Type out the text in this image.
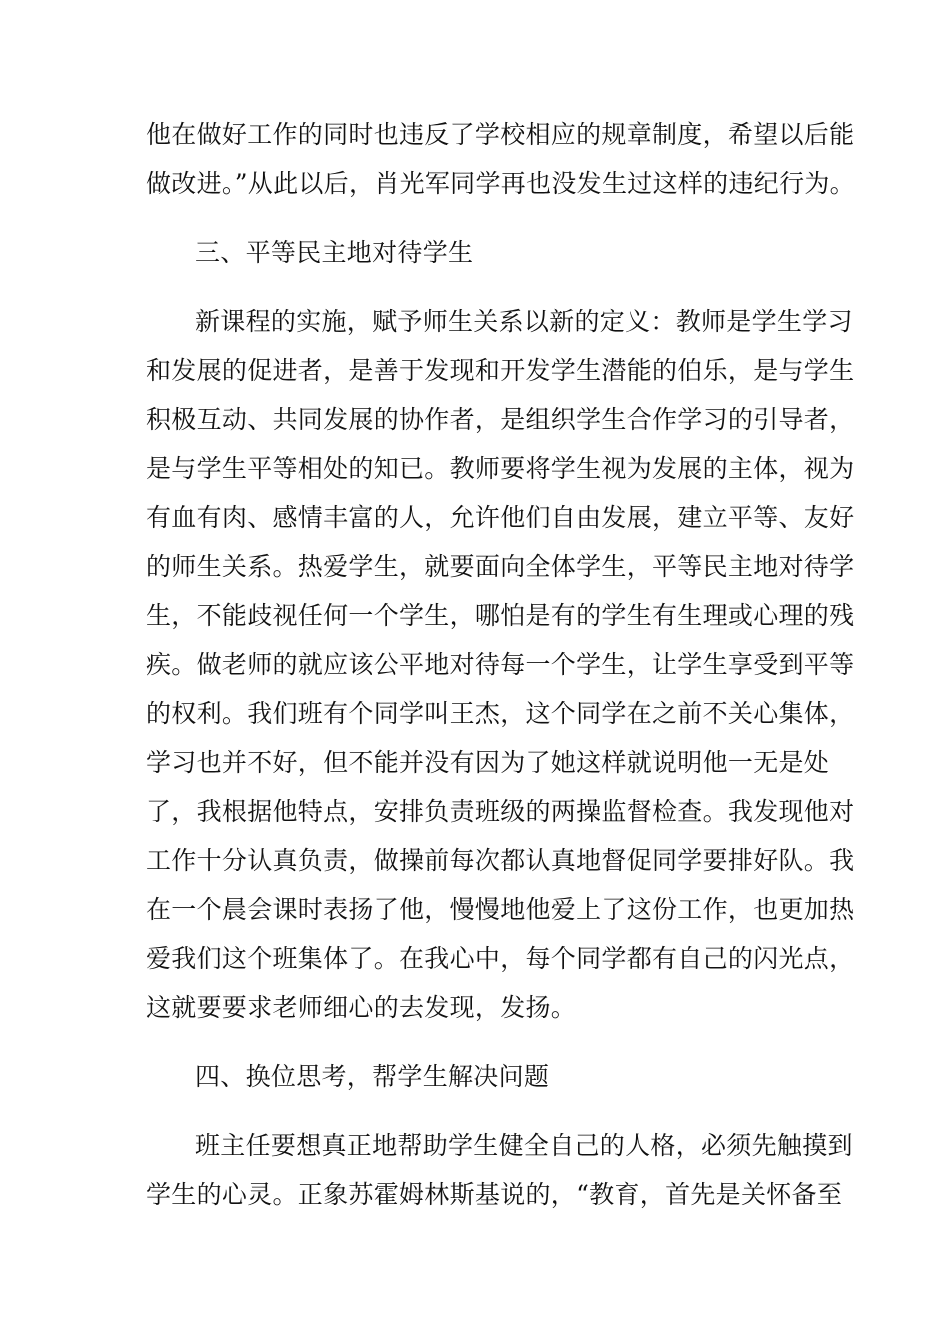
他在做好工作的同时也违反了学校相应的规章制度，希望以后能
做改进。”从此以后，肖光军同学再也没发生过这样的违纪行为。
三、平等民主地对待学生
新课程的实施，赋予师生关系以新的定义：教师是学生学习
和发展的促进者，是善于发现和开发学生潜能的伯乐，是与学生
积极互动、共同发展的协作者，是组织学生合作学习的引导者，
是与学生平等相处的知已。教师要将学生视为发展的主体，视为
有血有肉、感情丰富的人，允许他们自由发展，建立平等、友好
的师生关系。热爱学生，就要面向全体学生，平等民主地对待学
生，不能歧视任何一个学生，哪怕是有的学生有生理或心理的残
疾。做老师的就应该公平地对待每一个学生，让学生享受到平等
的权利。我们班有个同学叫王杰，这个同学在之前不关心集体，
学习也并不好，但不能并没有因为了她这样就说明他一无是处
了，我根据他特点，安排负责班级的两操监督检查。我发现他对
工作十分认真负责，做操前每次都认真地督促同学要排好队。我
在一个晨会课时表扬了他，慢慢地他爱上了这份工作，也更加热
爱我们这个班集体了。在我心中，每个同学都有自己的闪光点，
这就要要求老师细心的去发现，发扬。
四、换位思考，帮学生解决问题
班主任要想真正地帮助学生健全自己的人格，必须先触摸到
学生的心灵。正象苏霍姆林斯基说的，“教育，首先是关怀备至
